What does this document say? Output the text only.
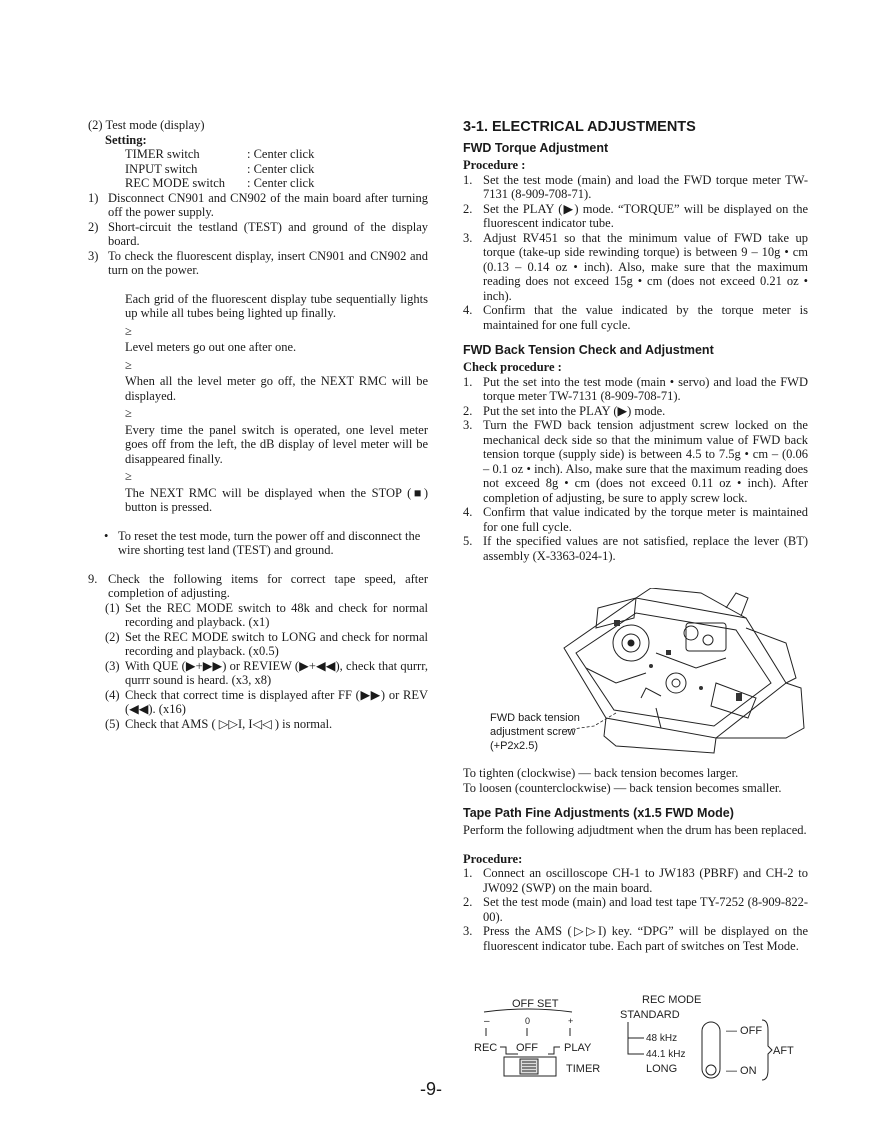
(2) Test mode (display)
Setting:
TIMER switch	: Center click
INPUT switch	: Center click
REC MODE switch	: Center click
1) Disconnect CN901 and CN902 of the main board after turning off the power supply.
2) Short-circuit the testland (TEST) and ground of the display board.
3) To check the fluorescent display, insert CN901 and CN902 and turn on the power.
Each grid of the fluorescent display tube sequentially lights up while all tubes being lighted up finally.
≥
Level meters go out one after one.
≥
When all the level meter go off, the NEXT RMC will be displayed.
≥
Every time the panel switch is operated, one level meter goes off from the left, the dB display of level meter will be disappeared finally.
≥
The NEXT RMC will be displayed when the STOP (■) button is pressed.
• To reset the test mode, turn the power off and disconnect the wire shorting test land (TEST) and ground.
9. Check the following items for correct tape speed, after completion of adjusting.
(1) Set the REC MODE switch to 48k and check for normal recording and playback. (x1)
(2) Set the REC MODE switch to LONG and check for normal recording and playback. (x0.5)
(3) With QUE (▶+▶▶) or REVIEW (▶+◀◀), check that qurrr, qurrr sound is heard. (x3, x8)
(4) Check that correct time is displayed after FF (▶▶) or REV (◀◀). (x16)
(5) Check that AMS ( ▷▷I, I◁◁ ) is normal.
3-1. ELECTRICAL ADJUSTMENTS
FWD Torque Adjustment
Procedure :
1. Set the test mode (main) and load the FWD torque meter TW-7131 (8-909-708-71).
2. Set the PLAY (▶) mode. “TORQUE” will be displayed on the fluorescent indicator tube.
3. Adjust RV451 so that the minimum value of FWD take up torque (take-up side rewinding torque) is between 9 – 10g • cm (0.13 – 0.14 oz • inch). Also, make sure that the maximum reading does not exceed 15g • cm (does not exceed 0.21 oz • inch).
4. Confirm that the value indicated by the torque meter is maintained for one full cycle.
FWD Back Tension Check and Adjustment
Check procedure :
1. Put the set into the test mode (main • servo) and load the FWD torque meter TW-7131 (8-909-708-71).
2. Put the set into the PLAY (▶) mode.
3. Turn the FWD back tension adjustment screw locked on the mechanical deck side so that the minimum value of FWD back tension torque (supply side) is between 4.5 to 7.5g • cm – (0.06 – 0.1 oz • inch). Also, make sure that the maximum reading does not exceed 8g • cm (does not exceed 0.11 oz • inch). After completion of adjusting, be sure to apply screw lock.
4. Confirm that value indicated by the torque meter is maintained for one full cycle.
5. If the specified values are not satisfied, replace the lever (BT) assembly (X-3363-024-1).
FWD back tension
adjustment screw
(+P2x2.5)
To tighten (clockwise) — back tension becomes larger.
To loosen (counterclockwise) — back tension becomes smaller.
Tape Path Fine Adjustments (x1.5 FWD Mode)
Perform the following adjudtment when the drum has been replaced.
Procedure:
1. Connect an oscilloscope CH-1 to JW183 (PBRF) and CH-2 to JW092 (SWP) on the main board.
2. Set the test mode (main) and load test tape TY-7252 (8-909-822-00).
3. Press the AMS (▷▷I) key. “DPG” will be displayed on the fluorescent indicator tube. Each part of switches on Test Mode.
OFF SET
–	0	+
REC OFF PLAY
TIMER
REC MODE
STANDARD
48 kHz
44.1 kHz
LONG
— OFF
— ON
AFT
-9-
